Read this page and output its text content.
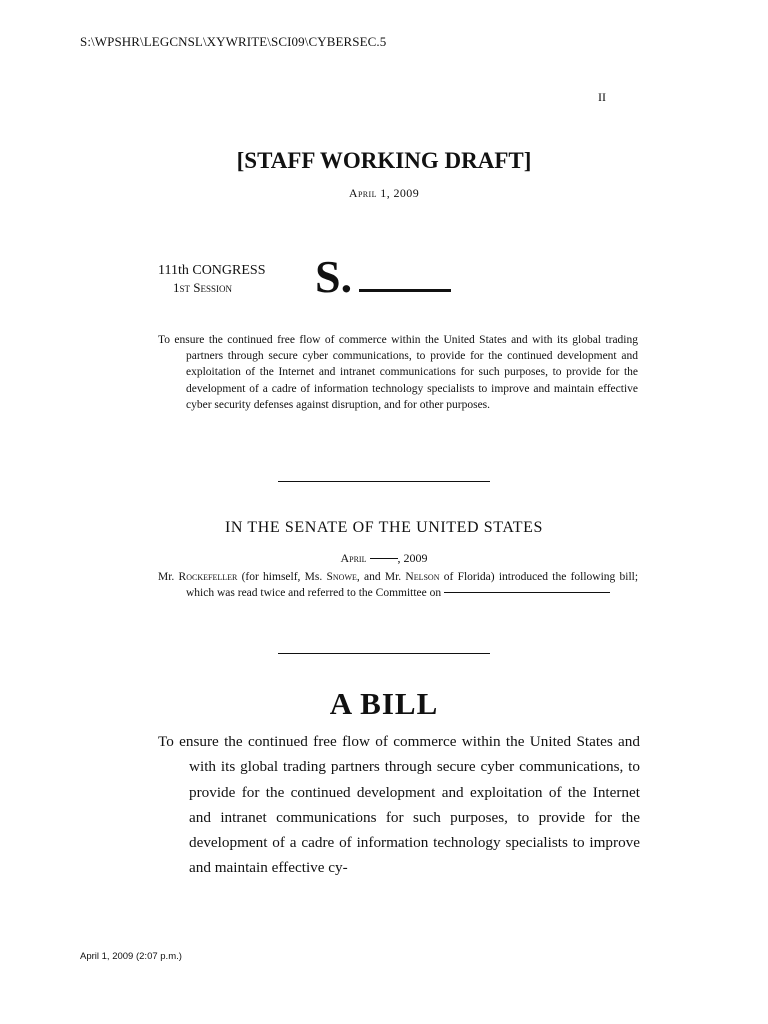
S:\WPSHR\LEGCNSL\XYWRITE\SCI09\CYBERSEC.5
II
[STAFF WORKING DRAFT]
April 1, 2009
111th CONGRESS
1st Session S.
To ensure the continued free flow of commerce within the United States and with its global trading partners through secure cyber communications, to provide for the continued development and exploitation of the Internet and intranet communications for such purposes, to provide for the development of a cadre of information technology specialists to improve and maintain effective cyber security defenses against disruption, and for other purposes.
IN THE SENATE OF THE UNITED STATES
April	, 2009
Mr. Rockefeller (for himself, Ms. Snowe, and Mr. Nelson of Florida) introduced the following bill; which was read twice and referred to the Committee on
A BILL
To ensure the continued free flow of commerce within the United States and with its global trading partners through secure cyber communications, to provide for the continued development and exploitation of the Internet and intranet communications for such purposes, to provide for the development of a cadre of information technology specialists to improve and maintain effective cy-
April 1, 2009 (2:07 p.m.)
